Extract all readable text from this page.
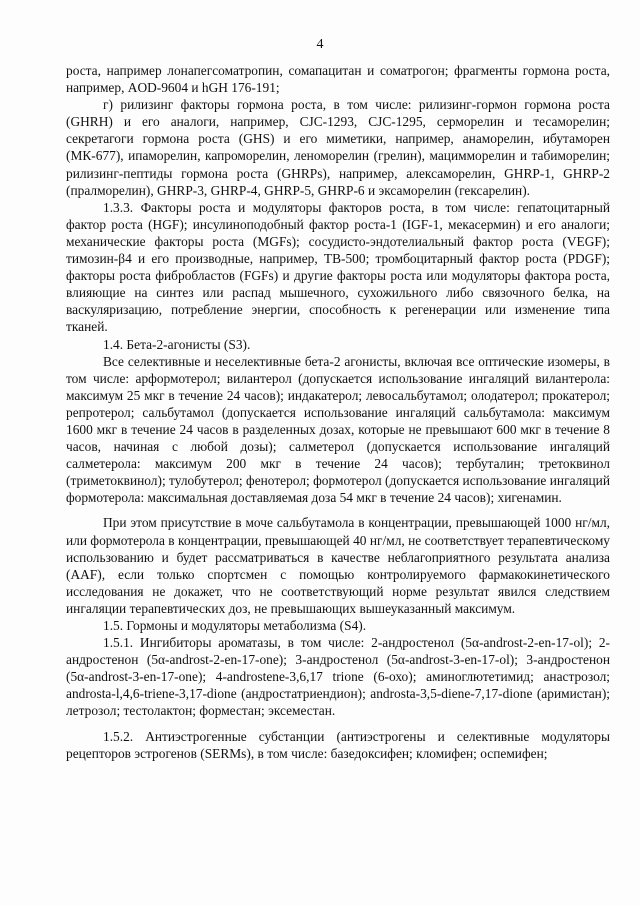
4

роста, например лонапегсоматропин, сомапацитан и соматрогон; фрагменты гормона роста, например, AOD-9604 и hGH 176-191;

г) рилизинг факторы гормона роста, в том числе: рилизинг-гормон гормона роста (GHRH) и его аналоги, например, CJC-1293, CJC-1295, серморелин и тесаморелин; секретагоги гормона роста (GHS) и его миметики, например, анаморелин, ибутаморен (МК-677), ипаморелин, капроморелин, леноморелин (грелин), мацимморелин и табиморелин; рилизинг-пептиды гормона роста (GHRPs), например, алексаморелин, GHRP-1, GHRP-2 (пралморелин), GHRP-3, GHRP-4, GHRP-5, GHRP-6 и эксаморелин (гексарелин).

1.3.3. Факторы роста и модуляторы факторов роста, в том числе: гепатоцитарный фактор роста (HGF); инсулиноподобный фактор роста-1 (IGF-1, мекасермин) и его аналоги; механические факторы роста (MGFs); сосудисто-эндотелиальный фактор роста (VEGF); тимозин-β4 и его производные, например, ТВ-500; тромбоцитарный фактор роста (PDGF); факторы роста фибробластов (FGFs) и другие факторы роста или модуляторы фактора роста, влияющие на синтез или распад мышечного, сухожильного либо связочного белка, на васкуляризацию, потребление энергии, способность к регенерации или изменение типа тканей.

1.4. Бета-2-агонисты (S3).

Все селективные и неселективные бета-2 агонисты, включая все оптические изомеры, в том числе: арформотерол; вилантерол (допускается использование ингаляций вилантерола: максимум 25 мкг в течение 24 часов); индакатерол; левосальбутамол; олодатерол; прокатерол; репротерол; сальбутамол (допускается использование ингаляций сальбутамола: максимум 1600 мкг в течение 24 часов в разделенных дозах, которые не превышают 600 мкг в течение 8 часов, начиная с любой дозы); салметерол (допускается использование ингаляций салметерола: максимум 200 мкг в течение 24 часов); тербуталин; третоквинол (триметоквинол); тулобутерол; фенотерол; формотерол (допускается использование ингаляций формотерола: максимальная доставляемая доза 54 мкг в течение 24 часов); хигенамин.

При этом присутствие в моче сальбутамола в концентрации, превышающей 1000 нг/мл, или формотерола в концентрации, превышающей 40 нг/мл, не соответствует терапевтическому использованию и будет рассматриваться в качестве неблагоприятного результата анализа (AAF), если только спортсмен с помощью контролируемого фармакокинетического исследования не докажет, что не соответствующий норме результат явился следствием ингаляции терапевтических доз, не превышающих вышеуказанный максимум.

1.5. Гормоны и модуляторы метаболизма (S4).

1.5.1. Ингибиторы ароматазы, в том числе: 2-андростенол (5α-androst-2-en-17-ol); 2-андростенон (5α-androst-2-en-17-one); 3-андростенол (5α-androst-3-en-17-ol); 3-андростенон (5α-androst-3-en-17-one); 4-androstene-3,6,17 trione (6-охо); аминоглютетимид; анастрозол; androsta-l,4,6-triene-3,17-dione (андростатриендион); androsta-3,5-diene-7,17-dione (аримистан); летрозол; тестолактон; форместан; эксеместан.

1.5.2. Антиэстрогенные субстанции (антиэстрогены и селективные модуляторы рецепторов эстрогенов (SERMs), в том числе: базедоксифен; кломифен; оспемифен;
